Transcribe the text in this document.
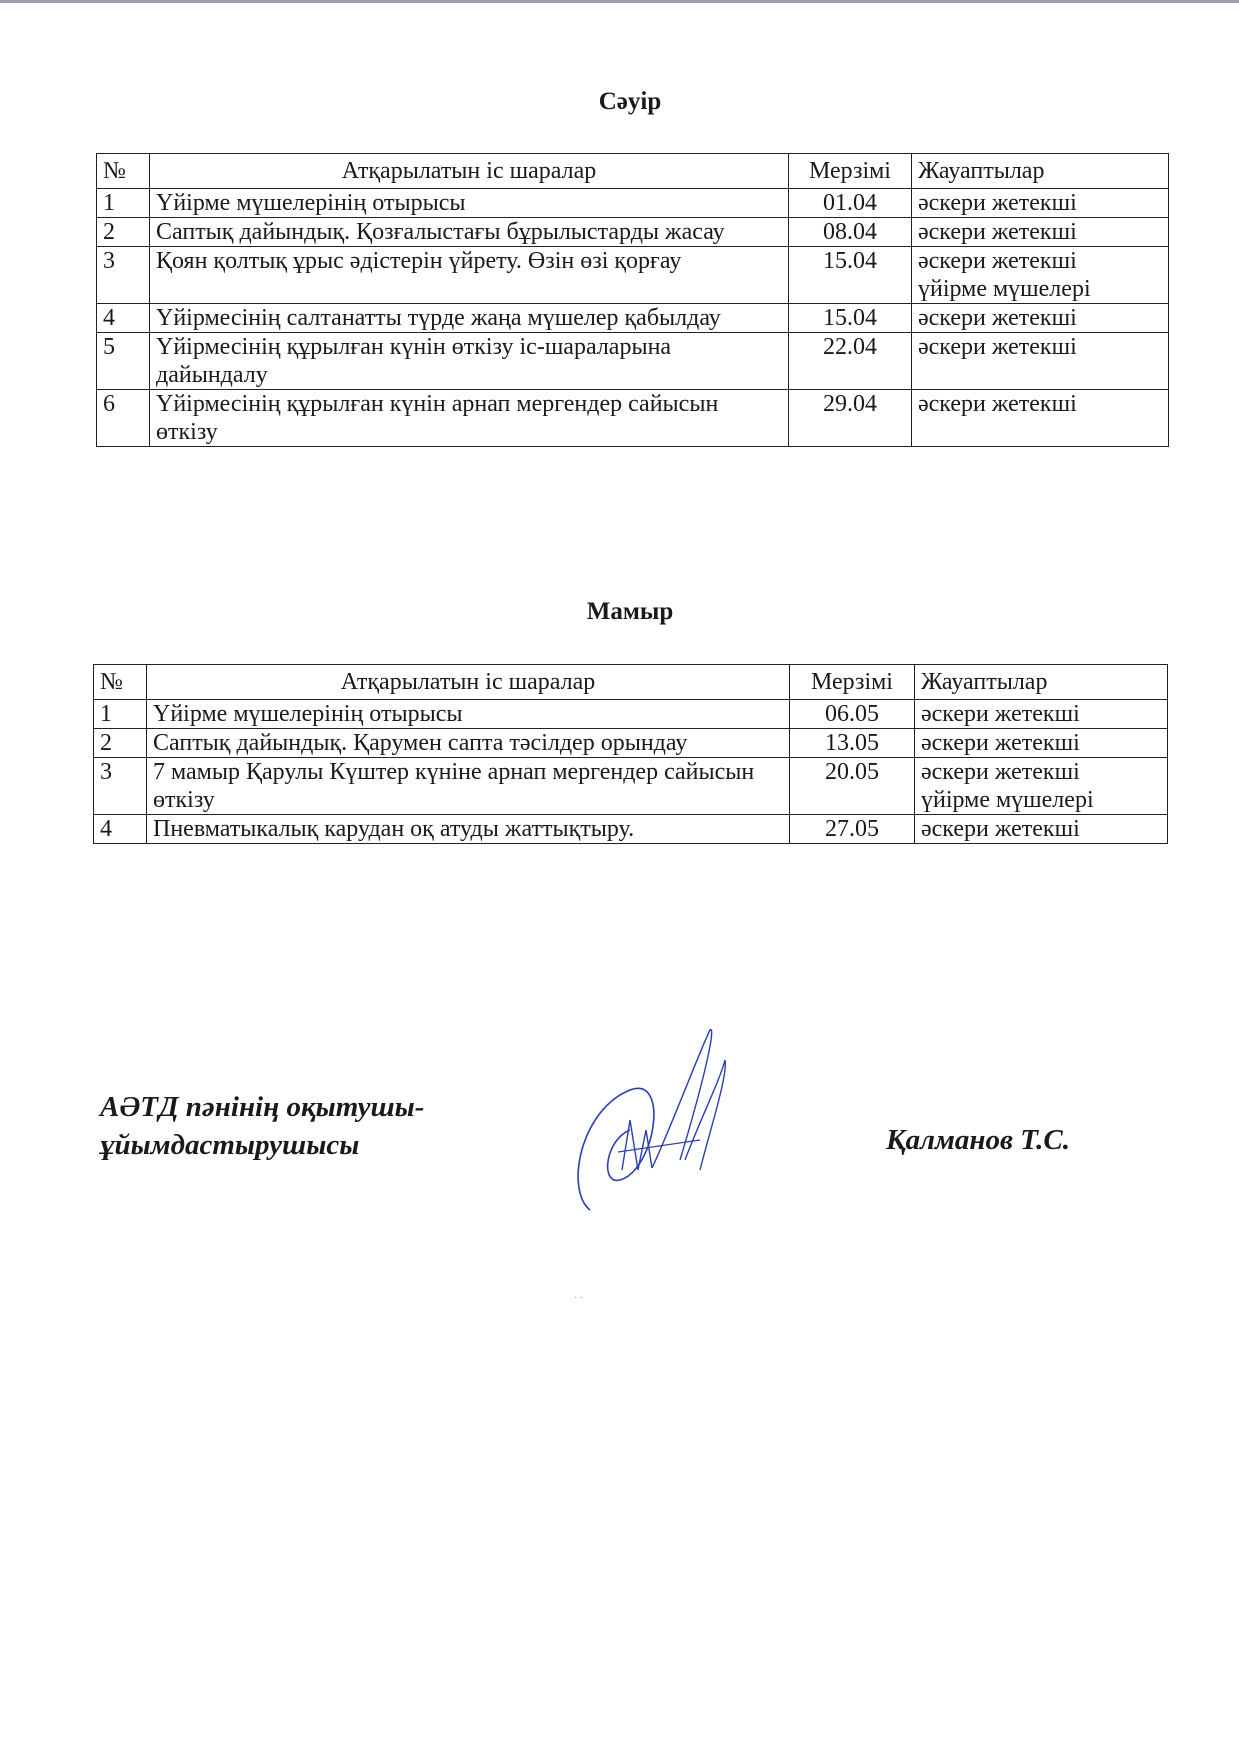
Сәуір
№	Атқарылатын іс шаралар	Мерзімі	Жауаптылар
1	Үйірме мүшелерінің отырысы	01.04	әскери жетекші

2	Саптық дайындық. Қозғалыстағы бұрылыстарды жасау	08.04	әскери жетекші

3	Қоян қолтық ұрыс әдістерін үйрету. Өзін өзі қорғау	15.04	әскери жетекші
үйірме мүшелері

4	Үйірмесінің салтанатты түрде жаңа мүшелер қабылдау	15.04	әскери жетекші

5	Үйірмесінің құрылған күнін өткізу іс-шараларына дайындалу	22.04	әскери жетекші

6	Үйірмесінің құрылған күнін арнап мергендер сайысын өткізу	29.04	әскери жетекші
Мамыр
№	Атқарылатын іс шаралар	Мерзімі	Жауаптылар
1	Үйірме мүшелерінің отырысы	06.05	әскери жетекші

2	Саптық дайындық. Қарумен сапта тәсілдер орындау	13.05	әскери жетекші

3	7 мамыр Қарулы Күштер күніне арнап мергендер сайысын өткізу	20.05	әскери жетекші
үйірме мүшелері

4	Пневматыкалық карудан оқ атуды жаттықтыру.	27.05	әскери жетекші
АӘТД пәнінің оқытушы-
ұйымдастырушысы	Қалманов Т.С.
· ·
